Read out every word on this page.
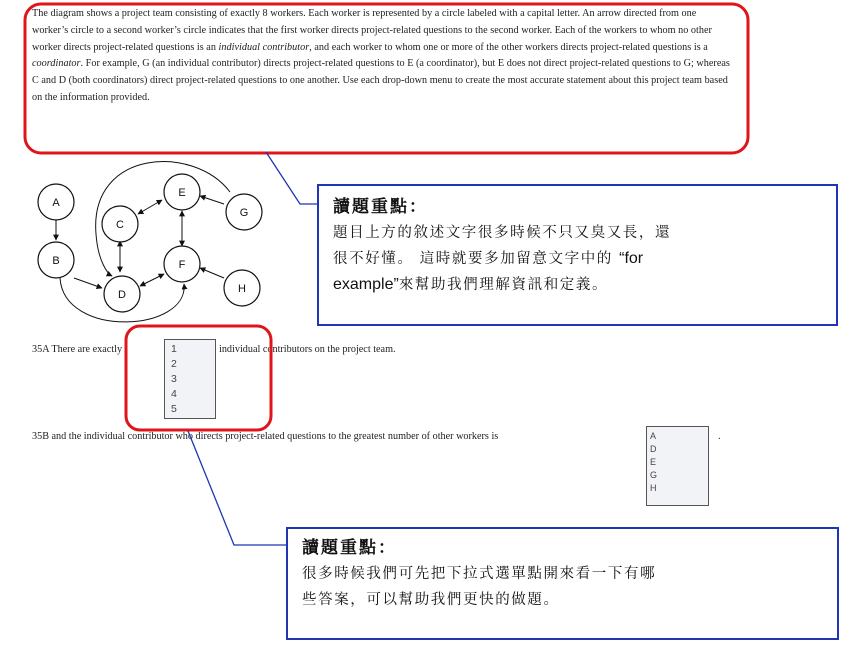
The diagram shows a project team consisting of exactly 8 workers. Each worker is represented by a circle labeled with a capital letter. An arrow directed from one worker’s circle to a second worker’s circle indicates that the first worker directs project-related questions to the second worker. Each of the workers to whom no other worker directs project-related questions is an individual contributor, and each worker to whom one or more of the other workers directs project-related questions is a coordinator. For example, G (an individual contributor) directs project-related questions to E (a coordinator), but E does not direct project-related questions to G; whereas C and D (both coordinators) direct project-related questions to one another. Use each drop-down menu to create the most accurate statement about this project team based on the information provided.
A
B
C
D
E
F
G
H
35A There are exactly	individual contributors on the project team.
1
2
3
4
5
35B and the individual contributor who directs project-related questions to the greatest number of other workers is	.
A
D
E
G
H
讀題重點：
題目上方的敘述文字很多時候不只又臭又長，還
很不好懂。 這時就要多加留意文字中的 “for
example”來幫助我們理解資訊和定義。
讀題重點：
很多時候我們可先把下拉式選單點開來看一下有哪
些答案，可以幫助我們更快的做題。
